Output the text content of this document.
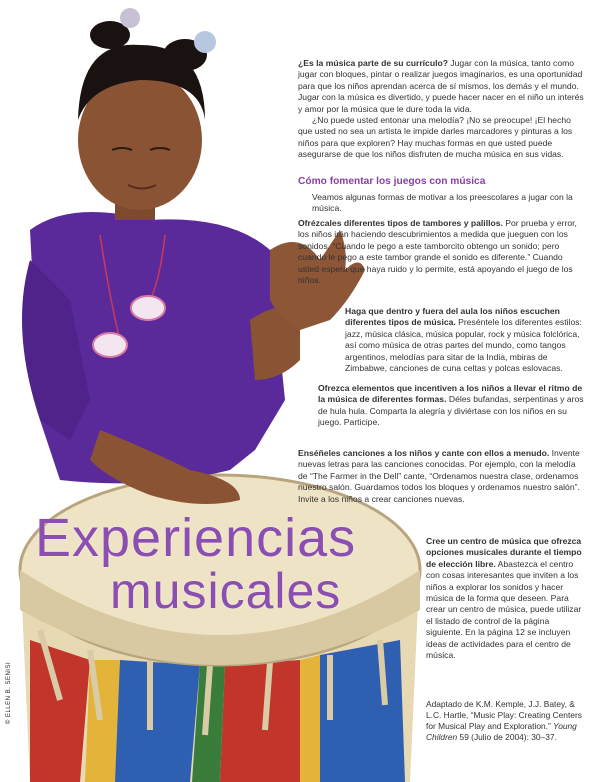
¿Es la música parte de su currículo? Jugar con la música, tanto como jugar con bloques, pintar o realizar juegos imaginarios, es una oportunidad para que los niños aprendan acerca de sí mismos, los demás y el mundo. Jugar con la música es divertido, y puede hacer nacer en el niño un interés y amor por la música que le dure toda la vida.

¿No puede usted entonar una melodía? ¡No se preocupe! ¡El hecho que usted no sea un artista le impide darles marcadores y pinturas a los niños para que exploren? Hay muchas formas en que usted puede asegurarse de que los niños disfruten de mucha música en sus vidas.

Cómo fomentar los juegos con música
Veamos algunas formas de motivar a los preescolares a jugar con la música.
Ofrézcales diferentes tipos de tambores y palillos. Por prueba y error, los niños irán haciendo descubrimientos a medida que jueguen con los sonidos. “Cuando le pego a este tamborcito obtengo un sonido; pero cuando le pego a este tambor grande el sonido es diferente.” Cuando usted espera que haya ruido y lo permite, está apoyando el juego de los niños.
Haga que dentro y fuera del aula los niños escuchen diferentes tipos de música. Preséntele los diferentes estilos: jazz, música clásica, música popular, rock y música folclórica, así como música de otras partes del mundo, como tangos argentinos, melodías para sitar de la India, mbiras de Zimbabwe, canciones de cuna celtas y polcas eslovacas.
Ofrezca elementos que incentiven a los niños a llevar el ritmo de la música de diferentes formas. Déles bufandas, serpentinas y aros de hula hula. Comparta la alegría y diviértase con los niños en su juego. Participe.
Enséñeles canciones a los niños y cante con ellos a menudo. Invente nuevas letras para las canciones conocidas. Por ejemplo, con la melodía de “The Farmer in the Dell” cante, “Ordenamos nuestra clase, ordenamos nuestro salón. Guardamos todos los bloques y ordenamos nuestro salón”. Invite a los niños a crear canciones nuevas.
Cree un centro de música que ofrezca opciones musicales durante el tiempo de elección libre. Abastezca el centro con cosas interesantes que inviten a los niños a explorar los sonidos y hacer música de la forma que deseen. Para crear un centro de música, puede utilizar el listado de control de la página siguiente. En la página 12 se incluyen ideas de actividades para el centro de música.
Adaptado de K.M. Kemple, J.J. Batey, & L.C. Hartle, “Music Play: Creating Centers for Musical Play and Exploration.” Young Children 59 (Julio de 2004): 30–37.
Experiencias
musicales
© ELLEN B. SENISI
